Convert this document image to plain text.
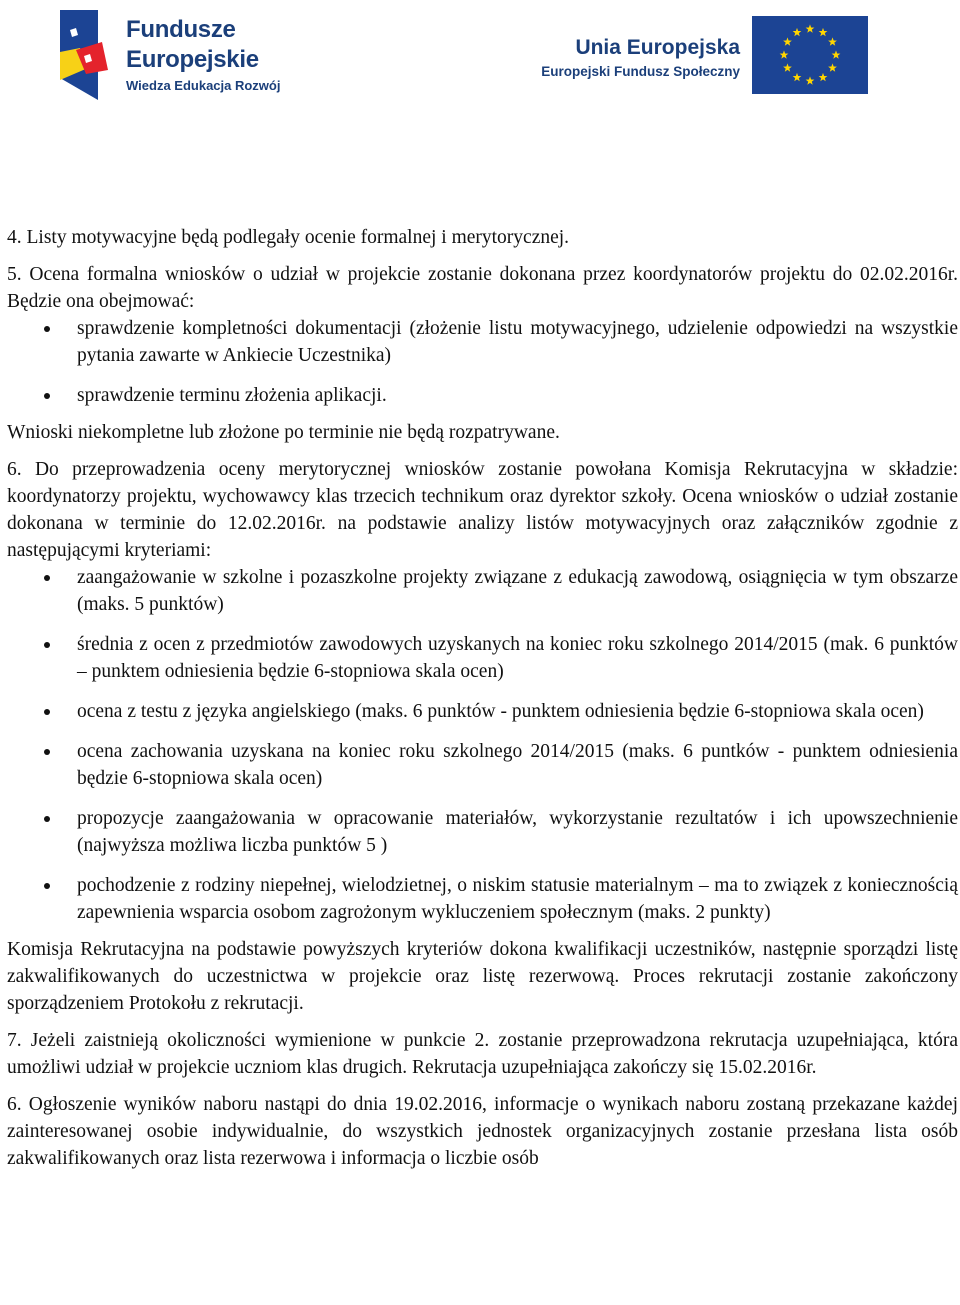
Fundusze
Europejskie
Wiedza Edukacja Rozwój
Unia Europejska
Europejski Fundusz Społeczny

4. Listy motywacyjne będą podlegały ocenie formalnej i merytorycznej.

5. Ocena formalna wniosków o udział w projekcie zostanie dokonana przez koordynatorów projektu do 02.02.2016r. Będzie ona obejmować:

sprawdzenie kompletności dokumentacji (złożenie listu motywacyjnego, udzielenie odpowiedzi na wszystkie pytania zawarte w Ankiecie Uczestnika)
sprawdzenie terminu złożenia aplikacji.

Wnioski niekompletne lub złożone po terminie nie będą rozpatrywane.

6. Do przeprowadzenia oceny merytorycznej wniosków zostanie powołana Komisja Rekrutacyjna w składzie: koordynatorzy projektu, wychowawcy klas trzecich technikum oraz dyrektor szkoły. Ocena wniosków o udział zostanie dokonana w terminie do 12.02.2016r. na podstawie analizy listów motywacyjnych oraz załączników zgodnie z następującymi kryteriami:

zaangażowanie w szkolne i pozaszkolne projekty związane z edukacją zawodową, osiągnięcia w tym obszarze (maks. 5 punktów)
średnia z ocen z przedmiotów zawodowych uzyskanych na koniec roku szkolnego 2014/2015 (mak. 6 punktów – punktem odniesienia będzie 6-stopniowa skala ocen)
ocena z testu z języka angielskiego (maks. 6 punktów - punktem odniesienia będzie 6-stopniowa skala ocen)
ocena zachowania uzyskana na koniec roku szkolnego 2014/2015 (maks. 6 puntków - punktem odniesienia będzie 6-stopniowa skala ocen)
propozycje zaangażowania w opracowanie materiałów, wykorzystanie rezultatów i ich upowszechnienie (najwyższa możliwa liczba punktów 5 )
pochodzenie z rodziny niepełnej, wielodzietnej, o niskim statusie materialnym – ma to związek z koniecznością zapewnienia wsparcia osobom zagrożonym wykluczeniem społecznym (maks. 2 punkty)

Komisja Rekrutacyjna na podstawie powyższych kryteriów dokona kwalifikacji uczestników, następnie sporządzi listę zakwalifikowanych do uczestnictwa w projekcie oraz listę rezerwową. Proces rekrutacji zostanie zakończony sporządzeniem Protokołu z rekrutacji.

7. Jeżeli zaistnieją okoliczności wymienione w punkcie 2. zostanie przeprowadzona rekrutacja uzupełniająca, która umożliwi udział w projekcie uczniom klas drugich. Rekrutacja uzupełniająca zakończy się 15.02.2016r.

6. Ogłoszenie wyników naboru nastąpi do dnia 19.02.2016, informacje o wynikach naboru zostaną przekazane każdej zainteresowanej osobie indywidualnie, do wszystkich jednostek organizacyjnych zostanie przesłana lista osób zakwalifikowanych oraz lista rezerwowa i informacja o liczbie osób
